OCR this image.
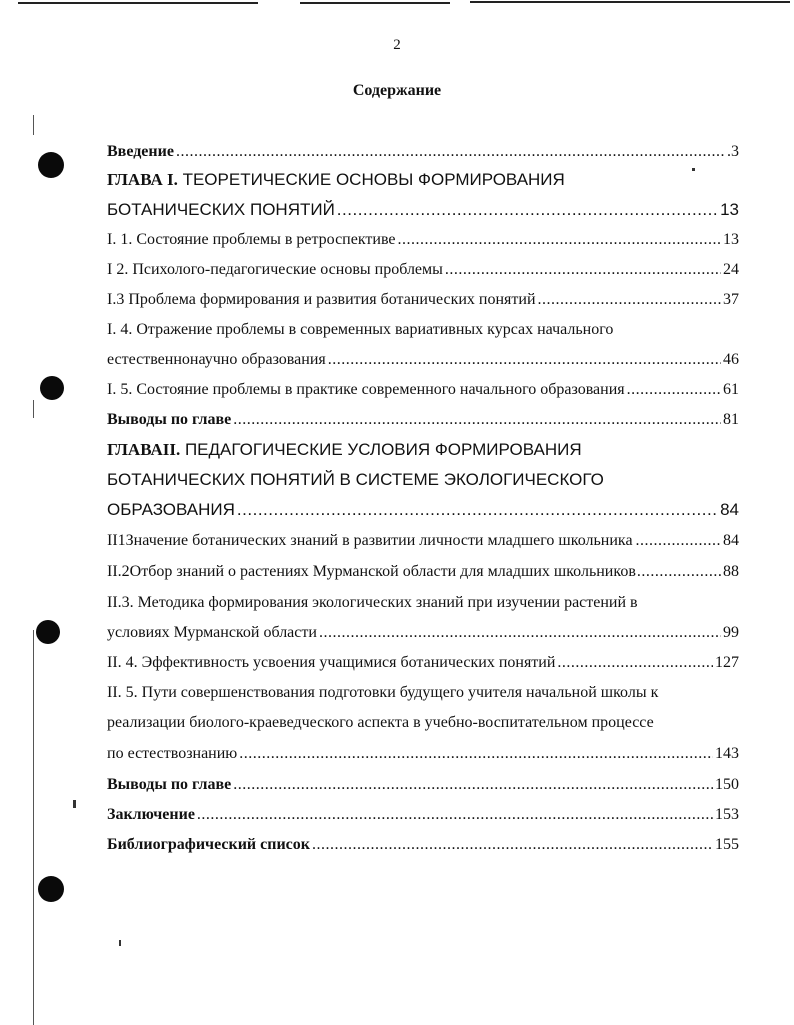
2
Содержание
Введение .....	.3
ГЛАВА I. ТЕОРЕТИЧЕСКИЕ ОСНОВЫ ФОРМИРОВАНИЯ
БОТАНИЧЕСКИХ ПОНЯТИЙ .....	13
I. 1. Состояние проблемы в ретроспективе .....	13
I 2. Психолого-педагогические основы проблемы .....	24
I.3 Проблема формирования и развития ботанических понятий .....	37
I. 4. Отражение проблемы в современных вариативных курсах начального
естественнонаучно образования .....	46
I. 5. Состояние проблемы в практике современного начального образования .....	61
Выводы по главе .....	81
ГЛАВАII. ПЕДАГОГИЧЕСКИЕ УСЛОВИЯ ФОРМИРОВАНИЯ
БОТАНИЧЕСКИХ ПОНЯТИЙ В СИСТЕМЕ ЭКОЛОГИЧЕСКОГО
ОБРАЗОВАНИЯ .....	84
II1Значение ботанических знаний в развитии личности младшего школьника .....	84
II.2Отбор знаний о растениях Мурманской области для младших школьников .....	88
II.3. Методика формирования экологических знаний при изучении растений в
условиях Мурманской области .....	99
II. 4. Эффективность усвоения учащимися ботанических понятий .....	127
II. 5. Пути совершенствования подготовки будущего учителя начальной школы к
реализации биолого-краеведческого аспекта в учебно-воспитательном процессе
по естествознанию .....	143
Выводы по главе .....	150
Заключение .....	153
Библиографический список .....	155
